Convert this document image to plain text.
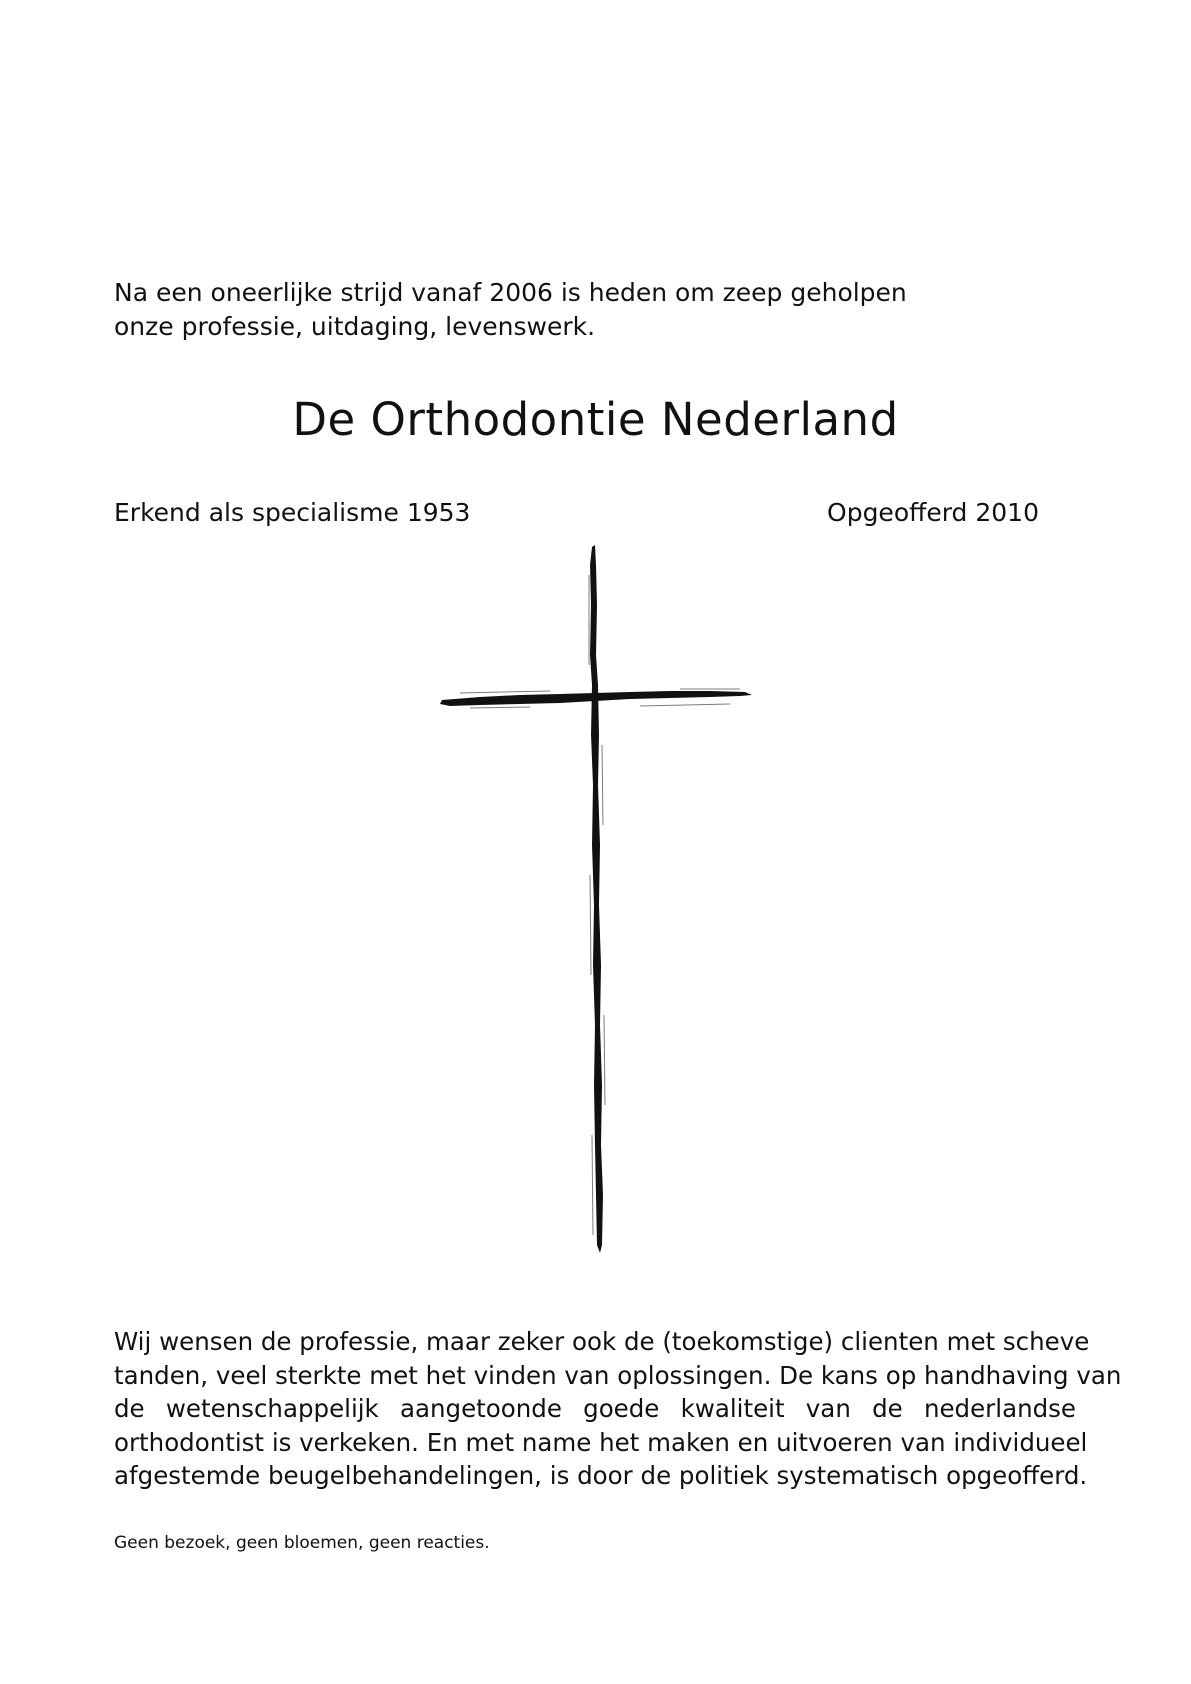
Na een oneerlijke strijd vanaf 2006 is heden om zeep geholpen
onze professie, uitdaging, levenswerk.
De Orthodontie Nederland
Erkend als specialisme 1953	Opgeofferd 2010
Wij wensen de professie, maar zeker ook de (toekomstige) clienten met scheve
tanden, veel sterkte met het vinden van oplossingen. De kans op handhaving van
de wetenschappelijk aangetoonde goede kwaliteit van de nederlandse
orthodontist is verkeken. En met name het maken en uitvoeren van individueel
afgestemde beugelbehandelingen, is door de politiek systematisch opgeofferd.

Geen bezoek, geen bloemen, geen reacties.
